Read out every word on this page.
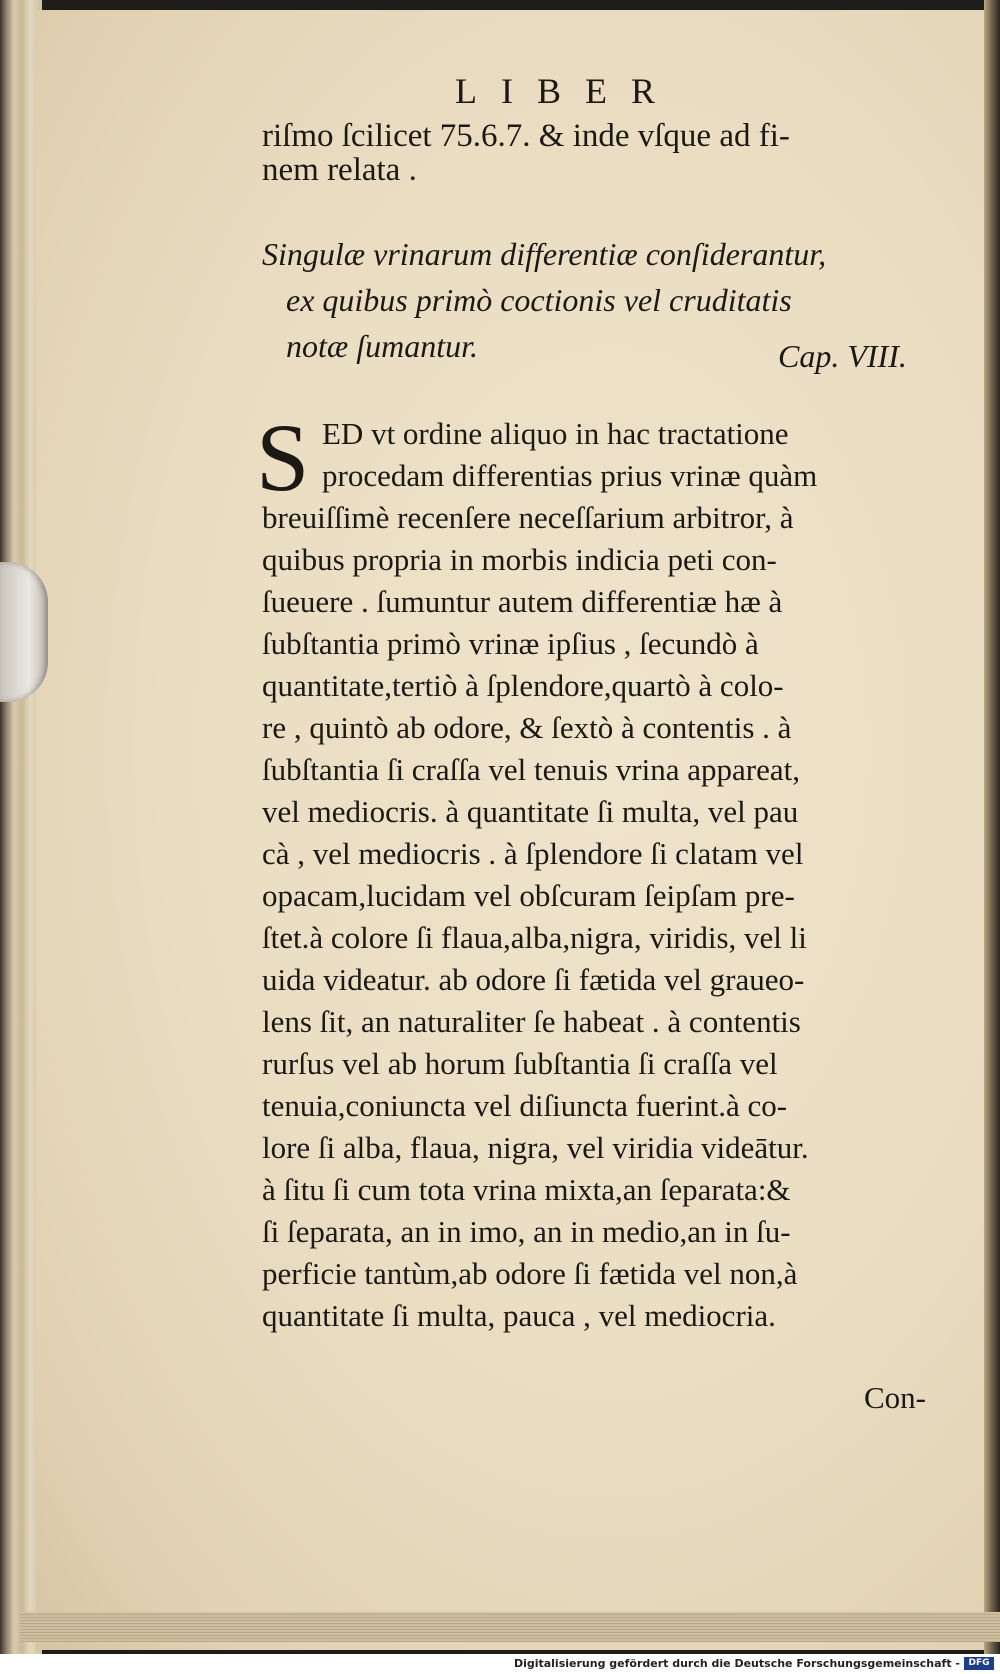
LIBER
riſmo ſcilicet 75.6.7. & inde vſque ad fi-
nem relata .
Singulæ vrinarum differentiæ conſiderantur,
ex quibus primò coctionis vel cruditatis
notæ ſumantur.	Cap. VIII.
S ED vt ordine aliquo in hac tractatione
procedam differentias prius vrinæ quàm
breuiſſimè recenſere neceſſarium arbitror, à
quibus propria in morbis indicia peti con-
ſueuere . ſumuntur autem differentiæ hæ à
ſubſtantia primò vrinæ ipſius , ſecundò à
quantitate,tertiò à ſplendore,quartò à colo-
re , quintò ab odore, & ſextò à contentis . à
ſubſtantia ſi craſſa vel tenuis vrina appareat,
vel mediocris. à quantitate ſi multa, vel pau
cà , vel mediocris . à ſplendore ſi clatam vel
opacam,lucidam vel obſcuram ſeipſam pre-
ſtet.à colore ſi flaua,alba,nigra, viridis, vel li
uida videatur. ab odore ſi fætida vel graueo-
lens ſit, an naturaliter ſe habeat . à contentis
rurſus vel ab horum ſubſtantia ſi craſſa vel
tenuia,coniuncta vel diſiuncta fuerint.à co-
lore ſi alba, flaua, nigra, vel viridia videātur.
à ſitu ſi cum tota vrina mixta,an ſeparata:&
ſi ſeparata, an in imo, an in medio,an in ſu-
perficie tantùm,ab odore ſi fætida vel non,à
quantitate ſi multa, pauca , vel mediocria.
Con-
Digitalisierung gefördert durch die Deutsche Forschungsgemeinschaft - DFG
